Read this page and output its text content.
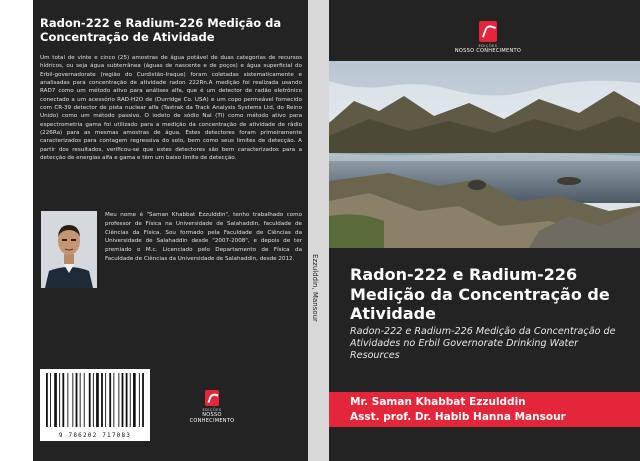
Radon-222 e Radium-226 Medição da Concentração de Atividade

Um total de vinte e cinco (25) amostras de água potável de duas categorias de recursos hídricos, ou seja água subterrânea (águas de nascente e de poços) e água superficial do Erbil-governadorate (região do Curdistão-Iraque) foram coletadas sistematicamente e analisadas para concentração de atividade radon 222Rn.A medição foi realizada usando RAD7 como um método ativo para análises alfa, que é um detector de radão eletrônico conectado a um acessório RAD-H2O de (Durridge Co. USA) e um copo permeável fornecido com CR-39 detector de pista nuclear alfa (Tastrak da Track Analysis Systems Ltd, do Reino Unido) como um método passivo. O iodeto de sódio NaI (Tl) como método ativo para espectrometria gama foi utilizado para a medição da concentração de atividade de rádio (226Ra) para as mesmas amostras de água. Estes detectores foram primeiramente caracterizados para contagem regressiva do solo, bem como seus limites de detecção. A partir dos resultados, verificou-se que estes detectores são bem caracterizados para a detecção de energias alfa e gama e têm um baixo limite de detecção.

Meu nome é "Saman Khabbat Ezzulddin", tenho trabalhado como professor de Física na Universidade de Salahaddin, faculdade de Ciências da Física. Sou formado pela Faculdade de Ciências da Universidade de Salahaddin desde "2007-2008", e depois de ter premiado o M.c. Licenciado pelo Departamento de Física da Faculdade de Ciências da Universidade de Salahaddin, desde 2012.

9 786202 717083
EDIÇÕES
NOSSO CONHECIMENTO
Ezzulddin, Mansour
EDIÇÕES
NOSSO CONHECIMENTO
Radon-222 e Radium-226 Medição da Concentração de Atividade

Radon-222 e Radium-226 Medição da Concentração de Atividades no Erbil Governorate Drinking Water Resources

Mr. Saman Khabbat Ezzulddin
Asst. prof. Dr. Habib Hanna Mansour
